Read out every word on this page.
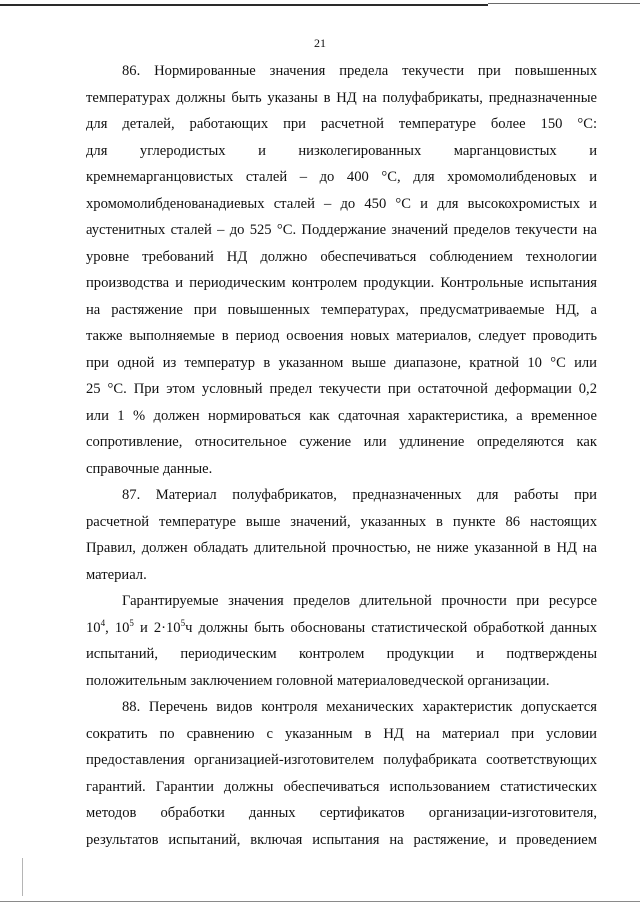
21

86. Нормированные значения предела текучести при повышенных
температурах должны быть указаны в НД на полуфабрикаты, предназначенные
для деталей, работающих при расчетной температуре более 150 °С:
для углеродистых и низколегированных марганцовистых и
кремнемарганцовистых сталей – до 400 °С, для хромомолибденовых и
хромомолибденованадиевых сталей – до 450 °С и для высокохромистых и
аустенитных сталей – до 525 °С. Поддержание значений пределов текучести на
уровне требований НД должно обеспечиваться соблюдением технологии
производства и периодическим контролем продукции. Контрольные испытания
на растяжение при повышенных температурах, предусматриваемые НД, а
также выполняемые в период освоения новых материалов, следует проводить
при одной из температур в указанном выше диапазоне, кратной 10 °С или
25 °С. При этом условный предел текучести при остаточной деформации 0,2
или 1 % должен нормироваться как сдаточная характеристика, а временное
сопротивление, относительное сужение или удлинение определяются как
справочные данные.

87. Материал полуфабрикатов, предназначенных для работы при
расчетной температуре выше значений, указанных в пункте 86 настоящих
Правил, должен обладать длительной прочностью, не ниже указанной в НД на
материал.

Гарантируемые значения пределов длительной прочности при ресурсе
$10^4$, $10^5$ и $2\cdot 10^5ч$ должны быть обоснованы статистической обработкой данных
испытаний, периодическим контролем продукции и подтверждены
положительным заключением головной материаловедческой организации.

88. Перечень видов контроля механических характеристик допускается
сократить по сравнению с указанным в НД на материал при условии
предоставления организацией-изготовителем полуфабриката соответствующих
гарантий. Гарантии должны обеспечиваться использованием статистических
методов обработки данных сертификатов организации-изготовителя,
результатов испытаний, включая испытания на растяжение, и проведением
